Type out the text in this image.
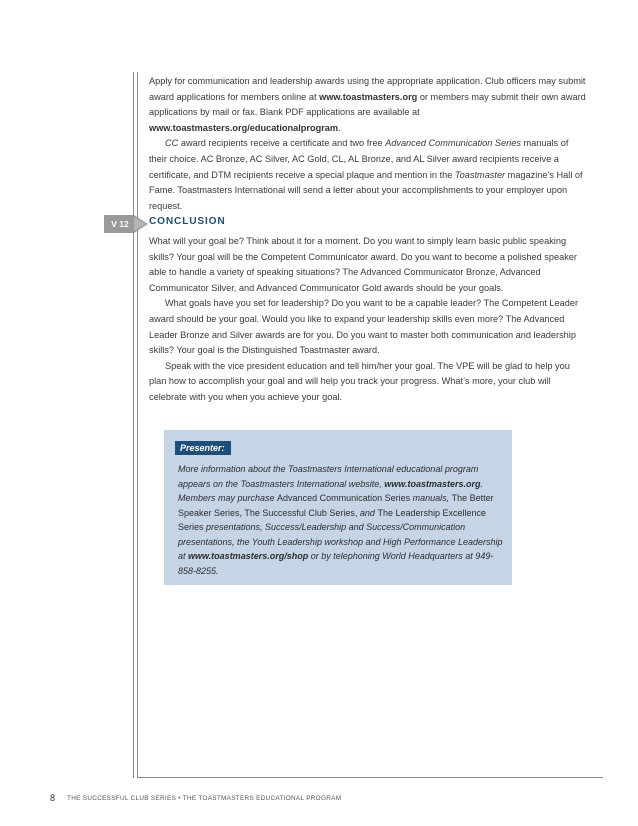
Apply for communication and leadership awards using the appropriate application. Club officers may submit award applications for members online at www.toastmasters.org or members may submit their own award applications by mail or fax. Blank PDF applications are available at www.toastmasters.org/educationalprogram.

CC award recipients receive a certificate and two free Advanced Communication Series manuals of their choice. AC Bronze, AC Silver, AC Gold, CL, AL Bronze, and AL Silver award recipients receive a certificate, and DTM recipients receive a special plaque and mention in the Toastmaster magazine’s Hall of Fame. Toastmasters International will send a letter about your accomplishments to your employer upon request.

V 12	CONCLUSION

What will your goal be? Think about it for a moment. Do you want to simply learn basic public speaking skills? Your goal will be the Competent Communicator award. Do you want to become a polished speaker able to handle a variety of speaking situations? The Advanced Communicator Bronze, Advanced Communicator Silver, and Advanced Communicator Gold awards should be your goals.

What goals have you set for leadership? Do you want to be a capable leader? The Competent Leader award should be your goal. Would you like to expand your leadership skills even more? The Advanced Leader Bronze and Silver awards are for you. Do you want to master both communication and leadership skills? Your goal is the Distinguished Toastmaster award.

Speak with the vice president education and tell him/her your goal. The VPE will be glad to help you plan how to accomplish your goal and will help you track your progress. What’s more, your club will celebrate with you when you achieve your goal.

Presenter:
More information about the Toastmasters International educational program appears on the Toastmasters International website, www.toastmasters.org. Members may purchase Advanced Communication Series manuals, The Better Speaker Series, The Successful Club Series, and The Leadership Excellence Series presentations, Success/Leadership and Success/Communication presentations, the Youth Leadership workshop and High Performance Leadership at www.toastmasters.org/shop or by telephoning World Headquarters at 949-858-8255.
8 THE SUCCESSFUL CLUB SERIES • THE TOASTMASTERS EDUCATIONAL PROGRAM
